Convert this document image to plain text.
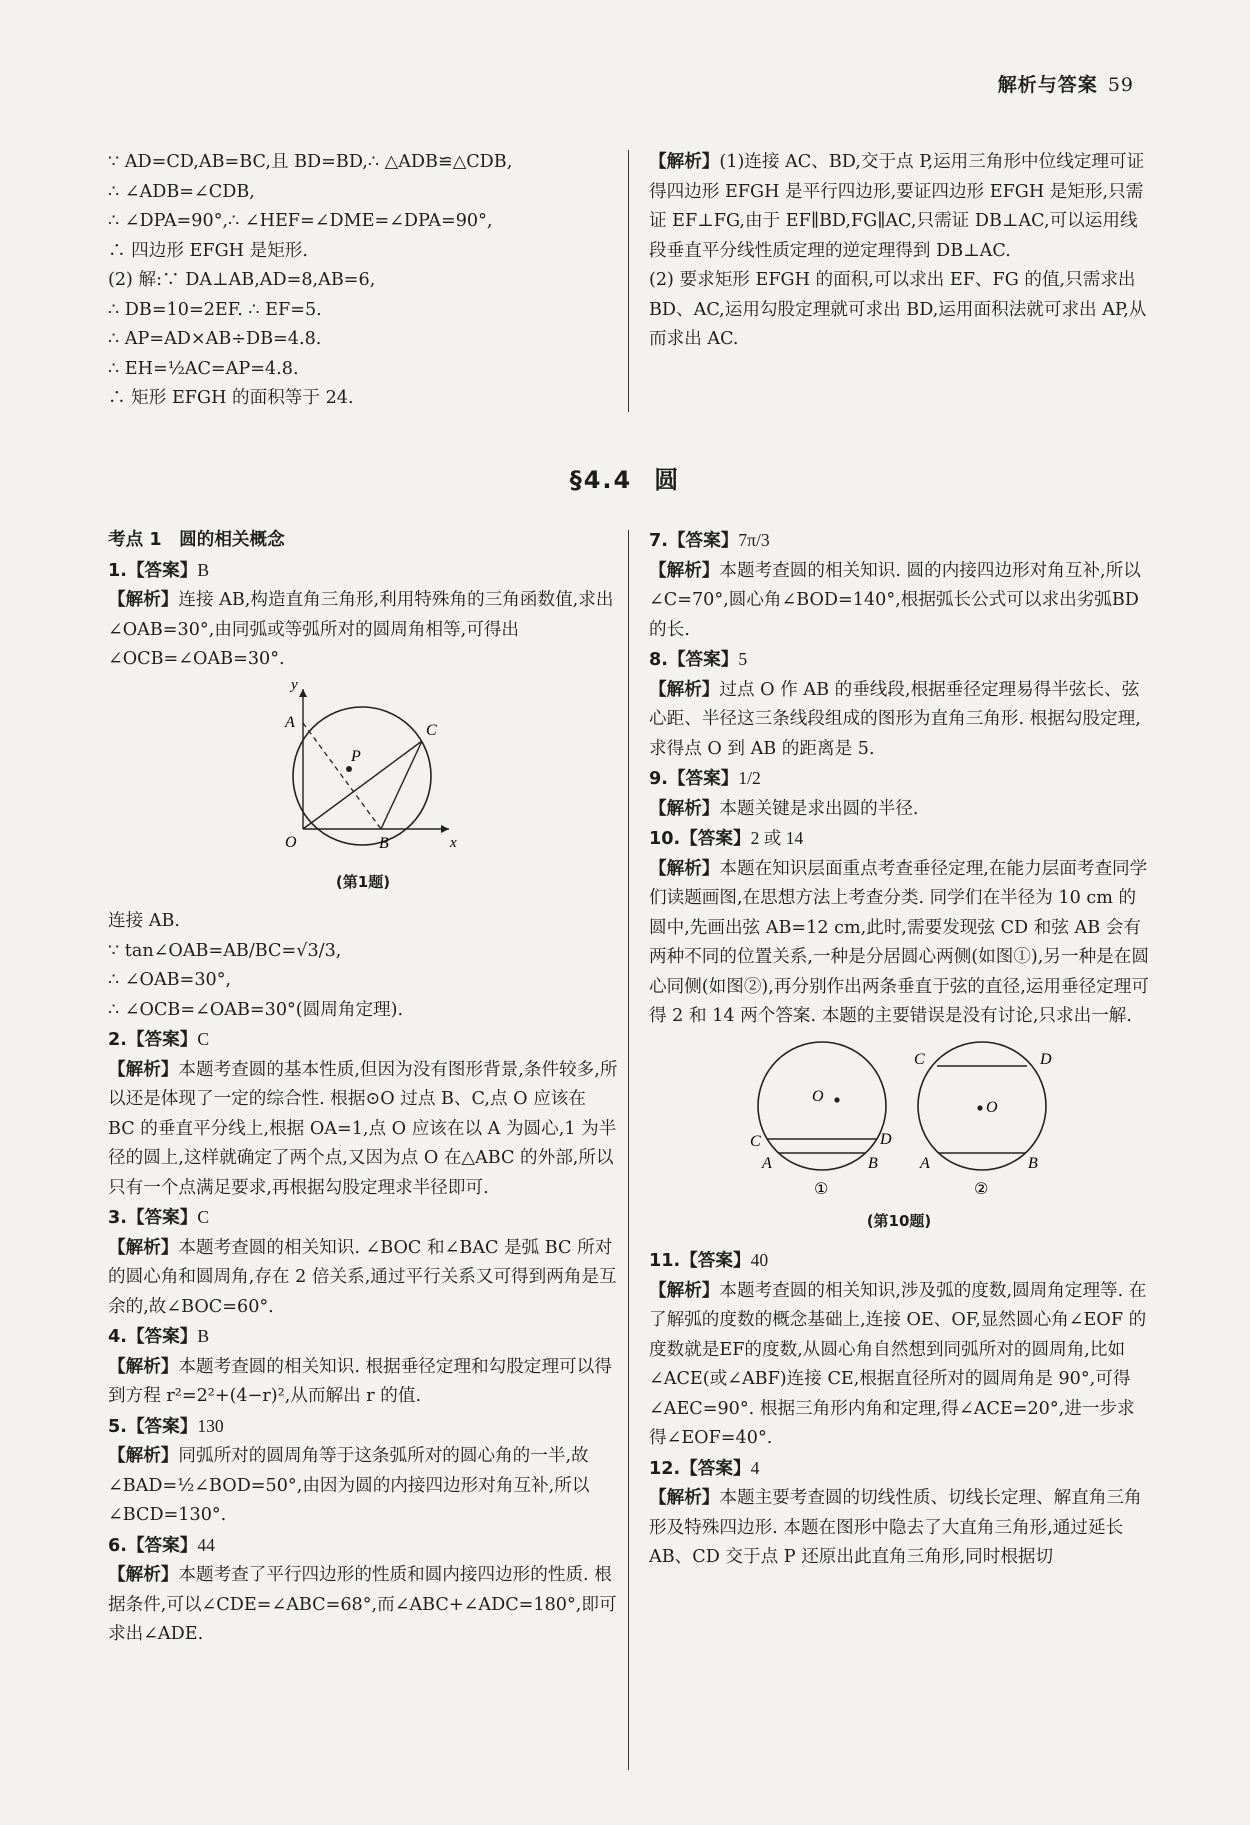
解析与答案 59
∵ AD=CD,AB=BC,且 BD=BD,∴ △ADB≌△CDB,
∴ ∠ADB=∠CDB,
∴ ∠DPA=90°,∴ ∠HEF=∠DME=∠DPA=90°,
∴ 四边形 EFGH 是矩形.
(2) 解:∵ DA⊥AB,AD=8,AB=6,
∴ DB=10=2EF. ∴ EF=5.
∴ AP=AD×AB÷DB=4.8.
∴ EH=½AC=AP=4.8.
∴ 矩形 EFGH 的面积等于 24.
【解析】(1)连接 AC、BD,交于点 P,运用三角形中位线定理可证得四边形 EFGH 是平行四边形,要证四边形 EFGH 是矩形,只需证 EF⊥FG,由于 EF∥BD,FG∥AC,只需证 DB⊥AC,可以运用线段垂直平分线性质定理的逆定理得到 DB⊥AC.
(2) 要求矩形 EFGH 的面积,可以求出 EF、FG 的值,只需求出 BD、AC,运用勾股定理就可求出 BD,运用面积法就可求出 AP,从而求出 AC.
§4.4 圆
考点 1　圆的相关概念
1.【答案】B
【解析】连接 AB,构造直角三角形,利用特殊角的三角函数值,求出∠OAB=30°,由同弧或等弧所对的圆周角相等,可得出∠OCB=∠OAB=30°.
y
x
A	C
P
O	B
(第1题)
连接 AB.
∵ tan∠OAB=AB/BC=√3/3,
∴ ∠OAB=30°,
∴ ∠OCB=∠OAB=30°(圆周角定理).
2.【答案】C
【解析】本题考查圆的基本性质,但因为没有图形背景,条件较多,所以还是体现了一定的综合性. 根据⊙O 过点 B、C,点 O 应该在 BC 的垂直平分线上,根据 OA=1,点 O 应该在以 A 为圆心,1 为半径的圆上,这样就确定了两个点,又因为点 O 在△ABC 的外部,所以只有一个点满足要求,再根据勾股定理求半径即可.
3.【答案】C
【解析】本题考查圆的相关知识. ∠BOC 和∠BAC 是弧 BC 所对的圆心角和圆周角,存在 2 倍关系,通过平行关系又可得到两角是互余的,故∠BOC=60°.
4.【答案】B
【解析】本题考查圆的相关知识. 根据垂径定理和勾股定理可以得到方程 r²=2²+(4−r)²,从而解出 r 的值.
5.【答案】130
【解析】同弧所对的圆周角等于这条弧所对的圆心角的一半,故∠BAD=½∠BOD=50°,由因为圆的内接四边形对角互补,所以∠BCD=130°.
6.【答案】44
【解析】本题考查了平行四边形的性质和圆内接四边形的性质. 根据条件,可以∠CDE=∠ABC=68°,而∠ABC+∠ADC=180°,即可求出∠ADE.
7.【答案】7π/3
【解析】本题考查圆的相关知识. 圆的内接四边形对角互补,所以∠C=70°,圆心角∠BOD=140°,根据弧长公式可以求出劣弧BD的长.
8.【答案】5
【解析】过点 O 作 AB 的垂线段,根据垂径定理易得半弦长、弦心距、半径这三条线段组成的图形为直角三角形. 根据勾股定理,求得点 O 到 AB 的距离是 5.
9.【答案】1/2
【解析】本题关键是求出圆的半径.
10.【答案】2 或 14
【解析】本题在知识层面重点考查垂径定理,在能力层面考查同学们读题画图,在思想方法上考查分类. 同学们在半径为 10 cm 的圆中,先画出弦 AB=12 cm,此时,需要发现弦 CD 和弦 AB 会有两种不同的位置关系,一种是分居圆心两侧(如图①),另一种是在圆心同侧(如图②),再分别作出两条垂直于弦的直径,运用垂径定理可得 2 和 14 两个答案. 本题的主要错误是没有讨论,只求出一解.
O
C	D
A	B
①
O
C	D
A	B
②
(第10题)
11.【答案】40
【解析】本题考查圆的相关知识,涉及弧的度数,圆周角定理等. 在了解弧的度数的概念基础上,连接 OE、OF,显然圆心角∠EOF 的度数就是EF的度数,从圆心角自然想到同弧所对的圆周角,比如∠ACE(或∠ABF)连接 CE,根据直径所对的圆周角是 90°,可得∠AEC=90°. 根据三角形内角和定理,得∠ACE=20°,进一步求得∠EOF=40°.
12.【答案】4
【解析】本题主要考查圆的切线性质、切线长定理、解直角三角形及特殊四边形. 本题在图形中隐去了大直角三角形,通过延长 AB、CD 交于点 P 还原出此直角三角形,同时根据切
